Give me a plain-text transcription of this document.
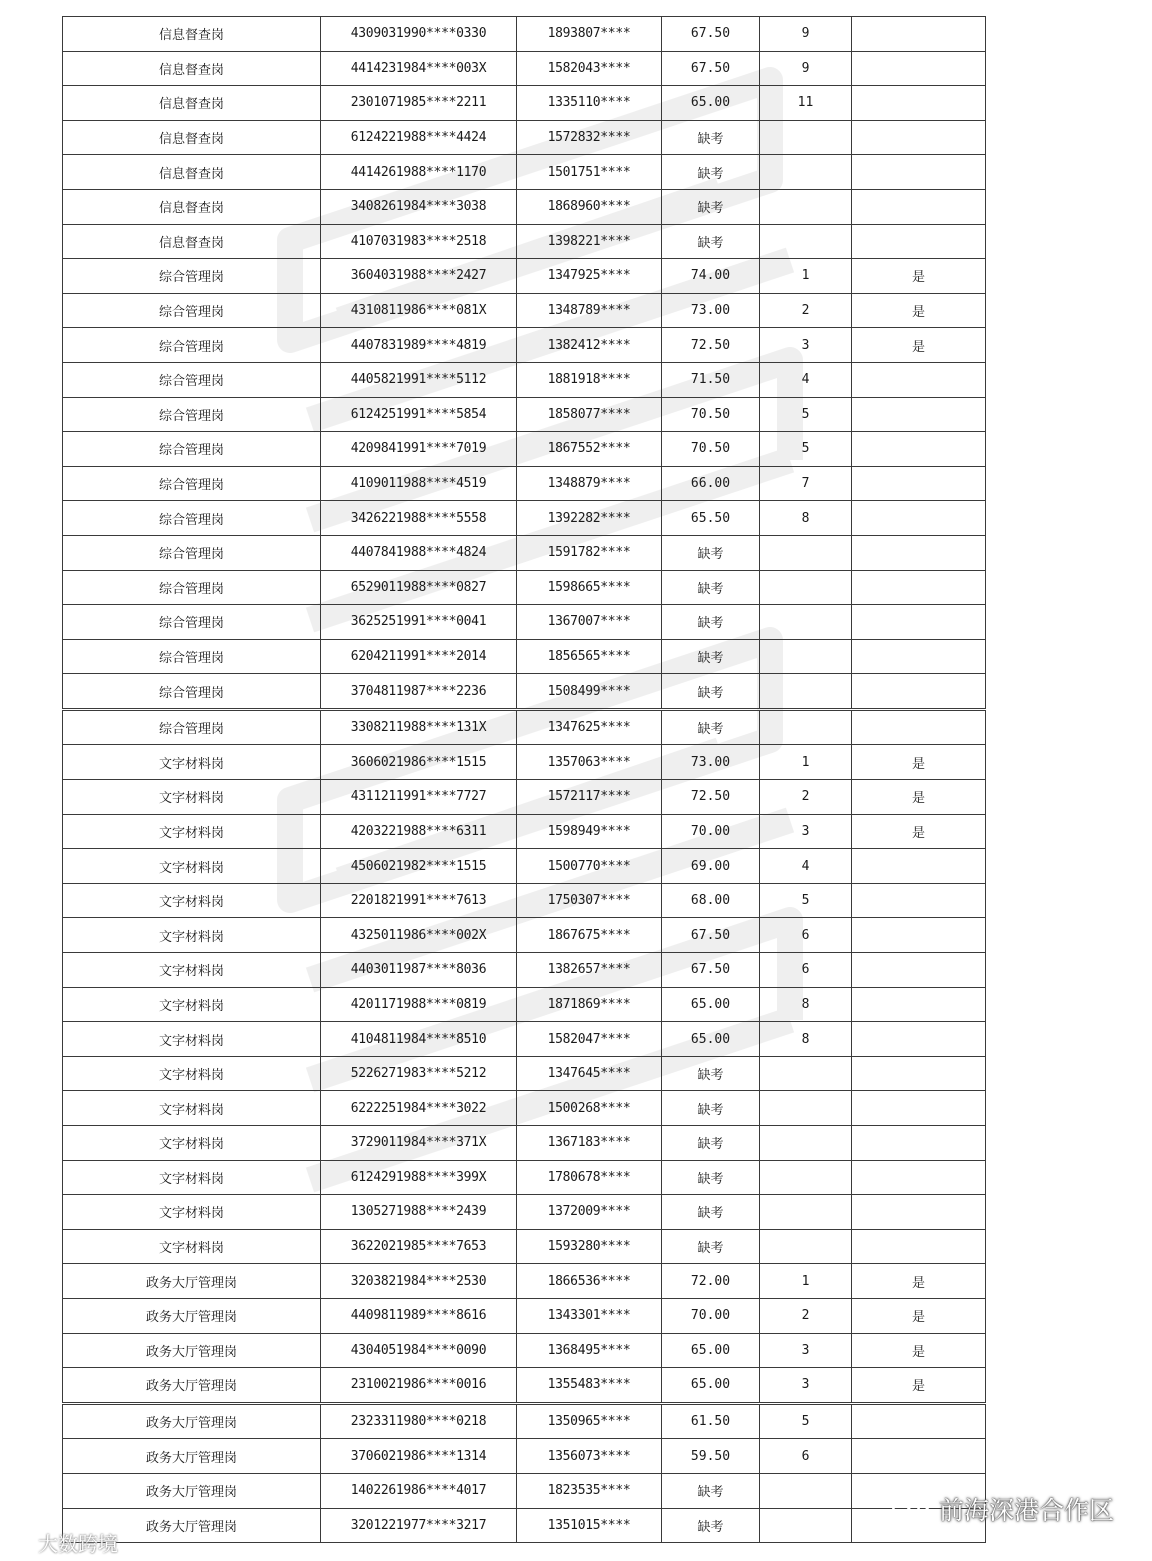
信息督查岗	4309031990****0330	1893807****	67.50	9	
信息督查岗	4414231984****003X	1582043****	67.50	9	
信息督查岗	2301071985****2211	1335110****	65.00	11	
信息督查岗	6124221988****4424	1572832****	缺考		
信息督查岗	4414261988****1170	1501751****	缺考		
信息督查岗	3408261984****3038	1868960****	缺考		
信息督查岗	4107031983****2518	1398221****	缺考		
综合管理岗	3604031988****2427	1347925****	74.00	1	是
综合管理岗	4310811986****081X	1348789****	73.00	2	是
综合管理岗	4407831989****4819	1382412****	72.50	3	是
综合管理岗	4405821991****5112	1881918****	71.50	4	
综合管理岗	6124251991****5854	1858077****	70.50	5	
综合管理岗	4209841991****7019	1867552****	70.50	5	
综合管理岗	4109011988****4519	1348879****	66.00	7	
综合管理岗	3426221988****5558	1392282****	65.50	8	
综合管理岗	4407841988****4824	1591782****	缺考		
综合管理岗	6529011988****0827	1598665****	缺考		
综合管理岗	3625251991****0041	1367007****	缺考		
综合管理岗	6204211991****2014	1856565****	缺考		
综合管理岗	3704811987****2236	1508499****	缺考		
综合管理岗	3308211988****131X	1347625****	缺考		
文字材料岗	3606021986****1515	1357063****	73.00	1	是
文字材料岗	4311211991****7727	1572117****	72.50	2	是
文字材料岗	4203221988****6311	1598949****	70.00	3	是
文字材料岗	4506021982****1515	1500770****	69.00	4	
文字材料岗	2201821991****7613	1750307****	68.00	5	
文字材料岗	4325011986****002X	1867675****	67.50	6	
文字材料岗	4403011987****8036	1382657****	67.50	6	
文字材料岗	4201171988****0819	1871869****	65.00	8	
文字材料岗	4104811984****8510	1582047****	65.00	8	
文字材料岗	5226271983****5212	1347645****	缺考		
文字材料岗	6222251984****3022	1500268****	缺考		
文字材料岗	3729011984****371X	1367183****	缺考		
文字材料岗	6124291988****399X	1780678****	缺考		
文字材料岗	1305271988****2439	1372009****	缺考		
文字材料岗	3622021985****7653	1593280****	缺考		
政务大厅管理岗	3203821984****2530	1866536****	72.00	1	是
政务大厅管理岗	4409811989****8616	1343301****	70.00	2	是
政务大厅管理岗	4304051984****0090	1368495****	65.00	3	是
政务大厅管理岗	2310021986****0016	1355483****	65.00	3	是
政务大厅管理岗	2323311980****0218	1350965****	61.50	5	
政务大厅管理岗	3706021986****1314	1356073****	59.50	6	
政务大厅管理岗	1402261986****4017	1823535****	缺考		
政务大厅管理岗	3201221977****3217	1351015****	缺考		
大数跨境
前海深港合作区
